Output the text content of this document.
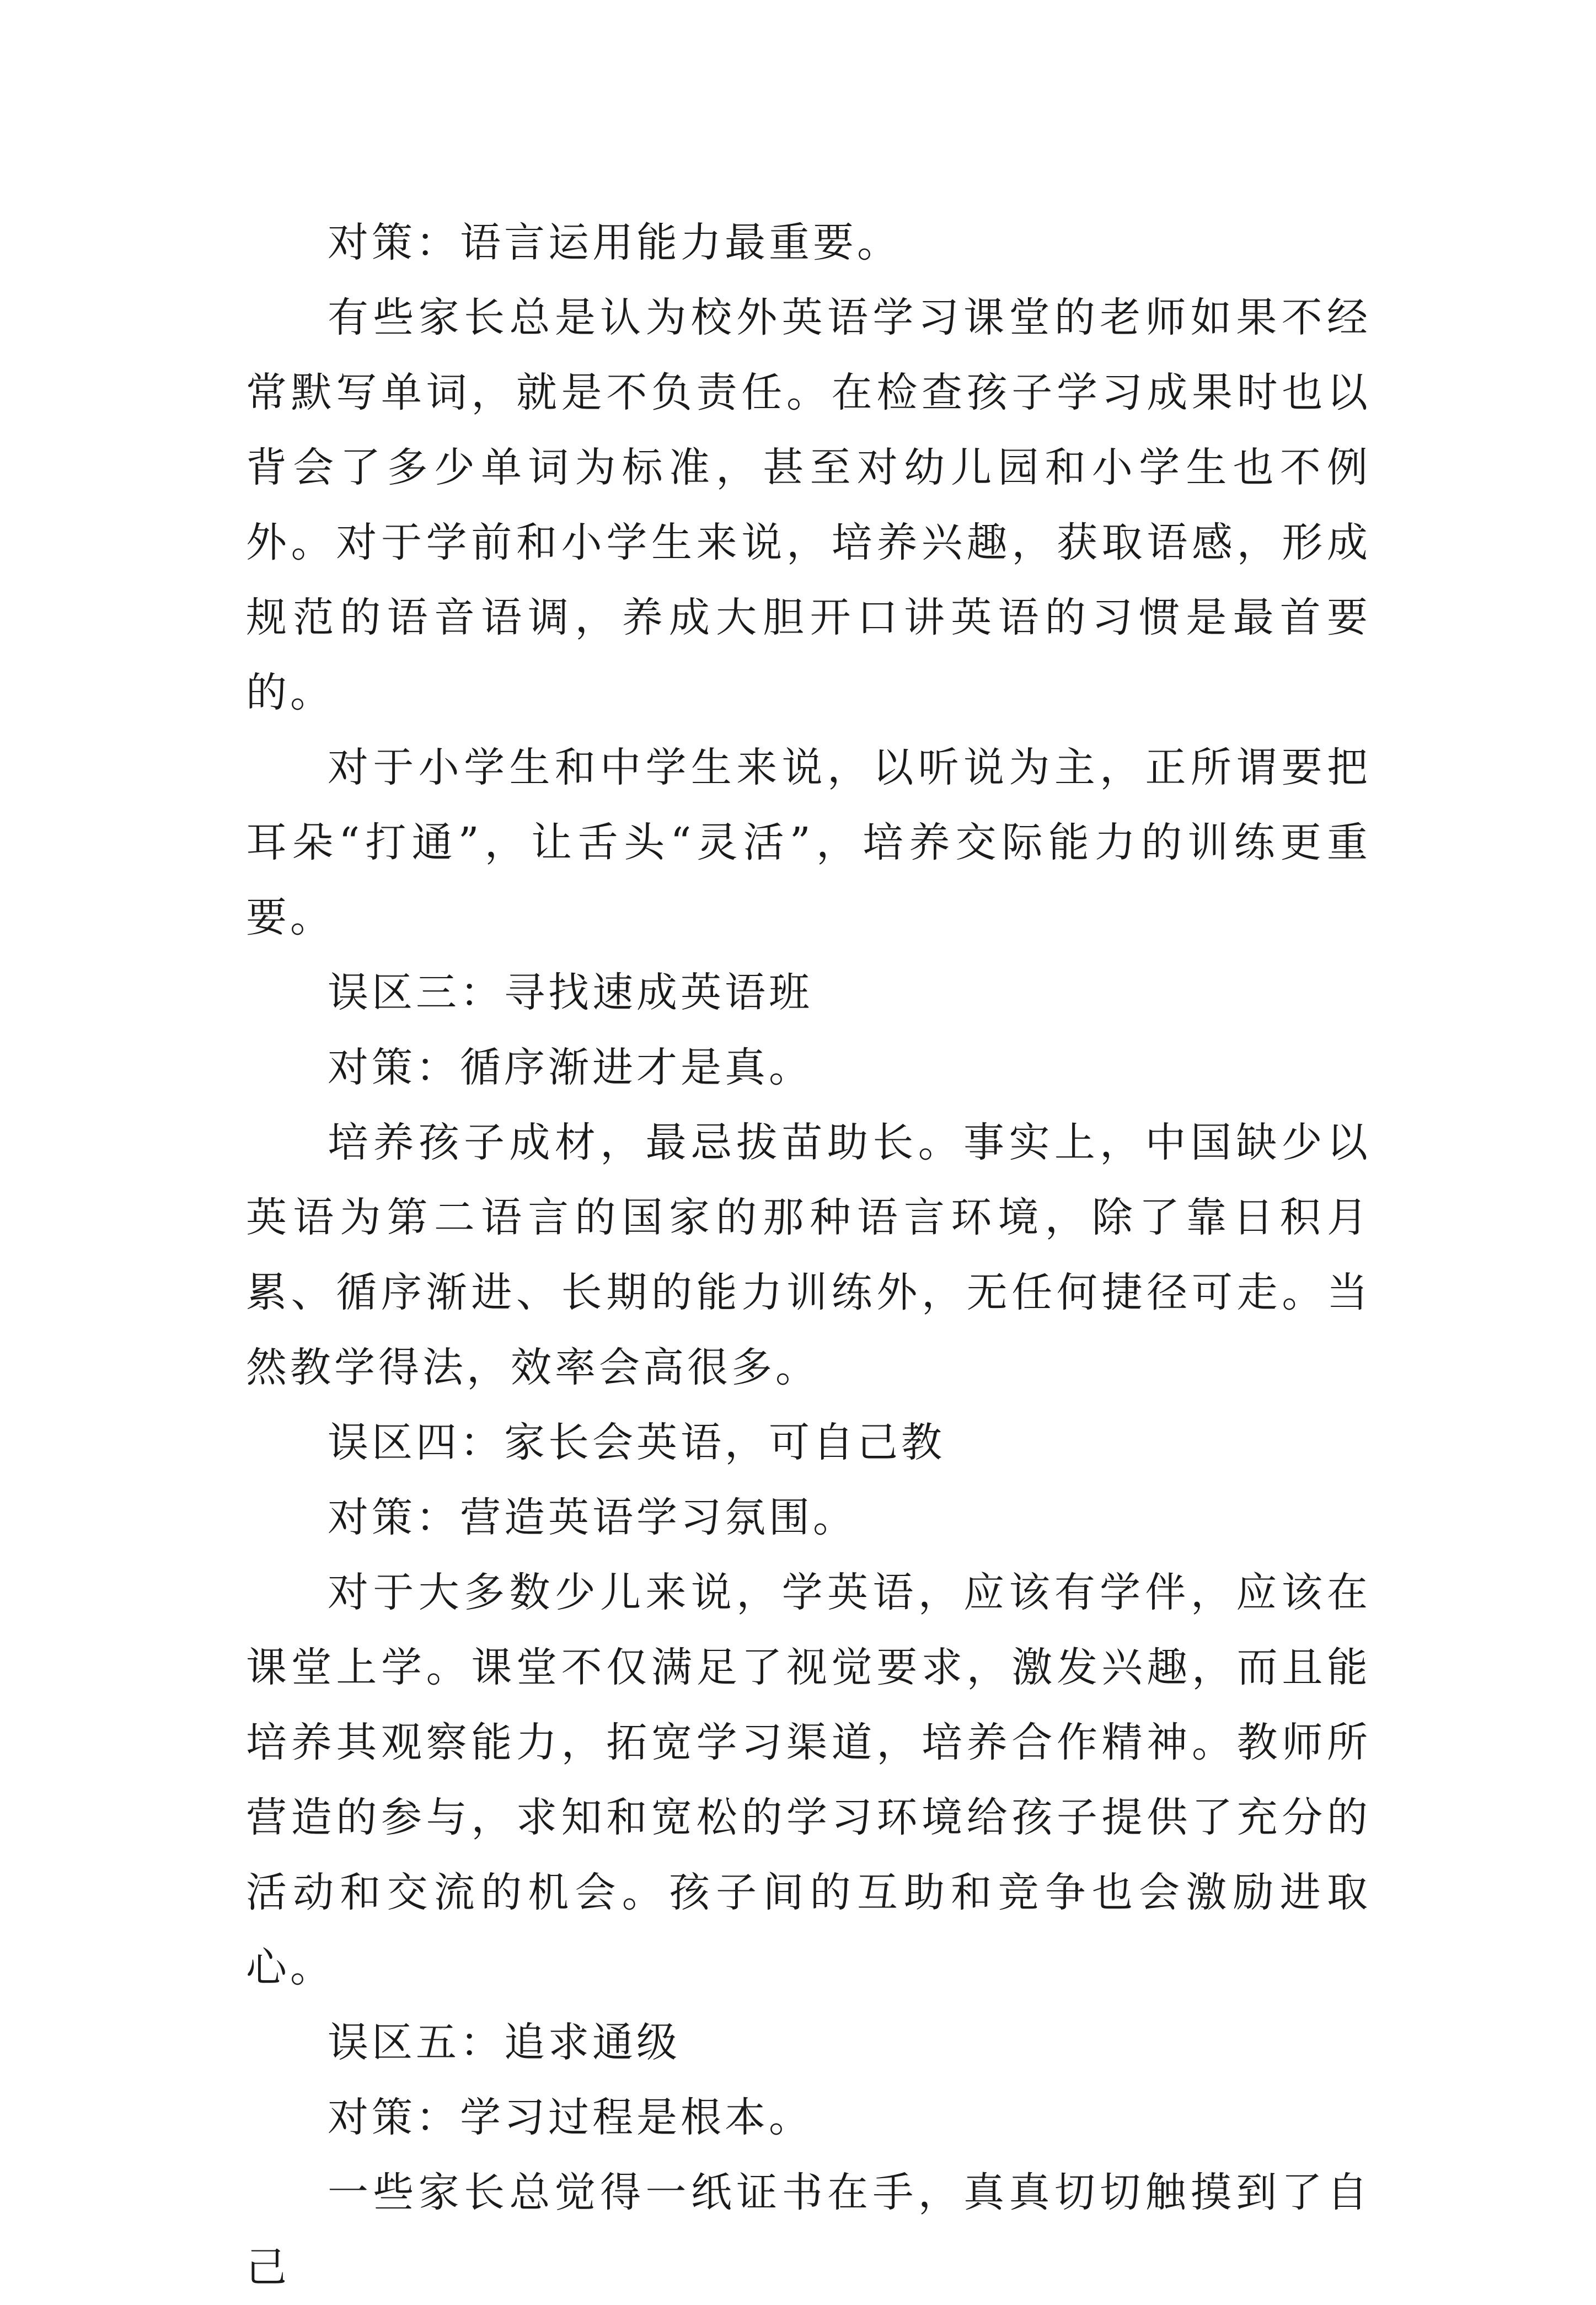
对策：语言运用能力最重要。

有些家长总是认为校外英语学习课堂的老师如果不经常默写单词，就是不负责任。在检查孩子学习成果时也以背会了多少单词为标准，甚至对幼儿园和小学生也不例外。对于学前和小学生来说，培养兴趣，获取语感，形成规范的语音语调，养成大胆开口讲英语的习惯是最首要的。

对于小学生和中学生来说，以听说为主，正所谓要把耳朵“打通”，让舌头“灵活”，培养交际能力的训练更重要。

误区三：寻找速成英语班

对策：循序渐进才是真。

培养孩子成材，最忌拔苗助长。事实上，中国缺少以英语为第二语言的国家的那种语言环境，除了靠日积月累、循序渐进、长期的能力训练外，无任何捷径可走。当然教学得法，效率会高很多。

误区四：家长会英语，可自己教

对策：营造英语学习氛围。

对于大多数少儿来说，学英语，应该有学伴，应该在课堂上学。课堂不仅满足了视觉要求，激发兴趣，而且能培养其观察能力，拓宽学习渠道，培养合作精神。教师所营造的参与，求知和宽松的学习环境给孩子提供了充分的活动和交流的机会。孩子间的互助和竞争也会激励进取心。

误区五：追求通级

对策：学习过程是根本。

一些家长总觉得一纸证书在手，真真切切触摸到了自己
